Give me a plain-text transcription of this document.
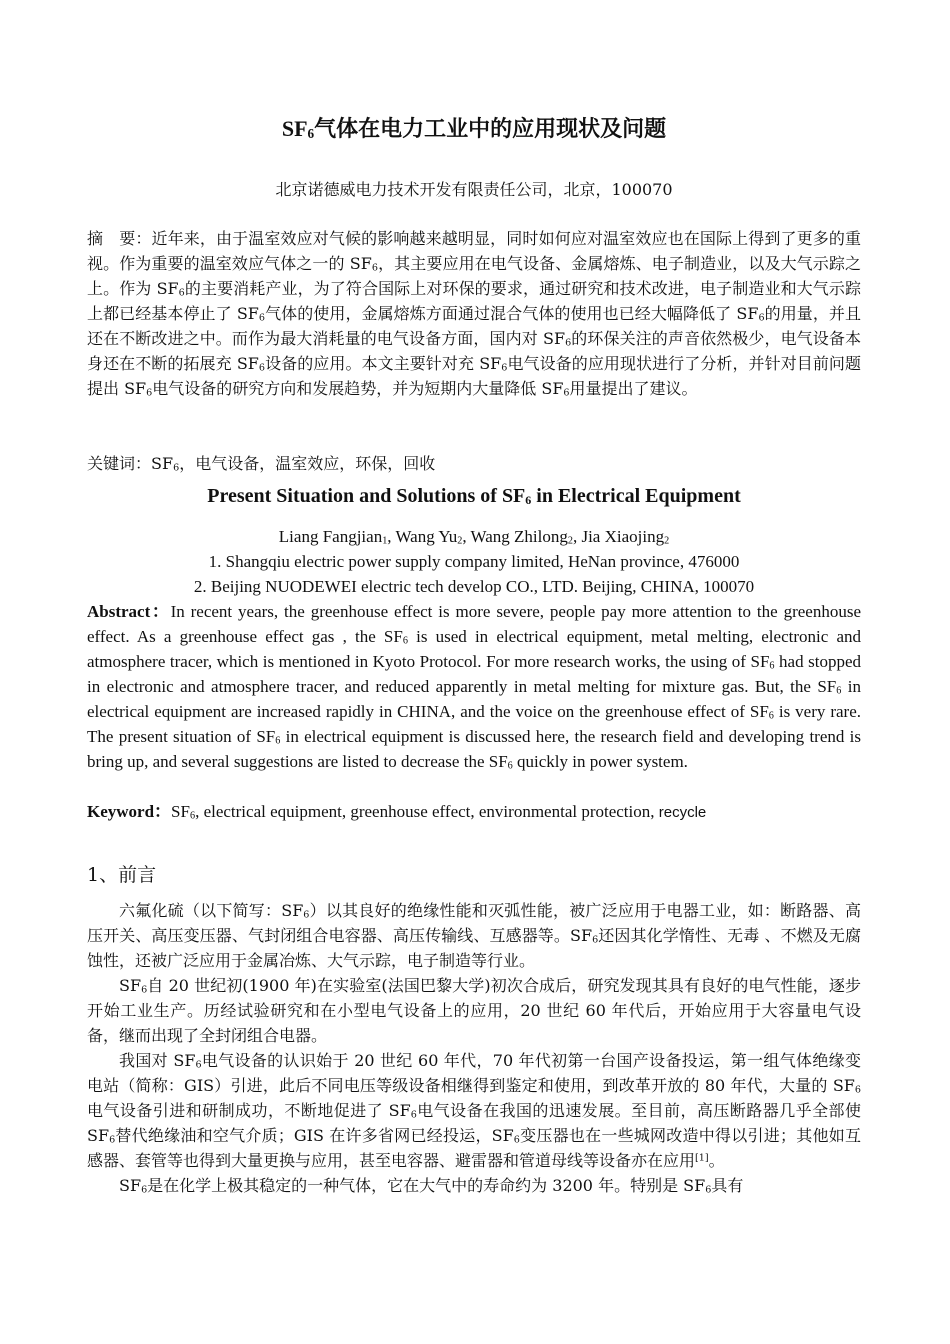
$SF_6$气体在电力工业中的应用现状及问题
北京诺德威电力技术开发有限责任公司，北京，100070
摘　要：近年来，由于温室效应对气候的影响越来越明显，同时如何应对温室效应也在国际上得到了更多的重视。作为重要的温室效应气体之一的 $SF_6$，其主要应用在电气设备、金属熔炼、电子制造业，以及大气示踪之上。作为 $SF_6$的主要消耗产业，为了符合国际上对环保的要求，通过研究和技术改进，电子制造业和大气示踪上都已经基本停止了 $SF_6$气体的使用，金属熔炼方面通过混合气体的使用也已经大幅降低了 $SF_6$的用量，并且还在不断改进之中。而作为最大消耗量的电气设备方面，国内对 $SF_6$的环保关注的声音依然极少，电气设备本身还在不断的拓展充 $SF_6$设备的应用。本文主要针对充 $SF_6$电气设备的应用现状进行了分析，并针对目前问题提出 $SF_6$电气设备的研究方向和发展趋势，并为短期内大量降低 $SF_6$用量提出了建议。
关键词：$SF_6$，电气设备，温室效应，环保，回收
Present Situation and Solutions of $SF_6$ in Electrical Equipment
Liang Fangjian$_1$, Wang $Yu_2$, Wang Zhilong$_2$, Jia Xiaojing$_2$
1. Shangqiu electric power supply company limited, HeNan province, 476000
2. Beijing NUODEWEI electric tech develop CO., LTD. Beijing, CHINA, 100070
Abstract：In recent years, the greenhouse effect is more severe, people pay more attention to the greenhouse effect. As a greenhouse effect gas , the $SF_6$ is used in electrical equipment, metal melting, electronic and atmosphere tracer, which is mentioned in Kyoto Protocol. For more research works, the using of $SF_6$ had stopped in electronic and atmosphere tracer, and reduced apparently in metal melting for mixture gas. But, the $SF_6$ in electrical equipment are increased rapidly in CHINA, and the voice on the greenhouse effect of $SF_6$ is very rare. The present situation of $SF_6$ in electrical equipment is discussed here, the research field and developing trend is bring up, and several suggestions are listed to decrease the $SF_6$ quickly in power system.
Keyword：$SF_6$, electrical equipment, greenhouse effect, environmental protection, recycle
1、前言

六氟化硫（以下简写：$SF_6$）以其良好的绝缘性能和灭弧性能，被广泛应用于电器工业，如：断路器、高压开关、高压变压器、气封闭组合电容器、高压传输线、互感器等。$SF_6$还因其化学惰性、无毒 、不燃及无腐蚀性，还被广泛应用于金属冶炼、大气示踪，电子制造等行业。

$SF_6$自 20 世纪初(1900 年)在实验室(法国巴黎大学)初次合成后，研究发现其具有良好的电气性能，逐步开始工业生产。历经试验研究和在小型电气设备上的应用，20 世纪 60 年代后，开始应用于大容量电气设备，继而出现了全封闭组合电器。

我国对 $SF_6$电气设备的认识始于 20 世纪 60 年代，70 年代初第一台国产设备投运，第一组气体绝缘变电站（简称：GIS）引进，此后不同电压等级设备相继得到鉴定和使用，到改革开放的 80 年代，大量的 $SF_6$电气设备引进和研制成功，不断地促进了 $SF_6$电气设备在我国的迅速发展。至目前，高压断路器几乎全部使 $SF_6$替代绝缘油和空气介质；GIS 在许多省网已经投运，$SF_6$变压器也在一些城网改造中得以引进；其他如互感器、套管等也得到大量更换与应用，甚至电容器、避雷器和管道母线等设备亦在应用[1]。

$SF_6$是在化学上极其稳定的一种气体，它在大气中的寿命约为 3200 年。特别是 $SF_6$具有
